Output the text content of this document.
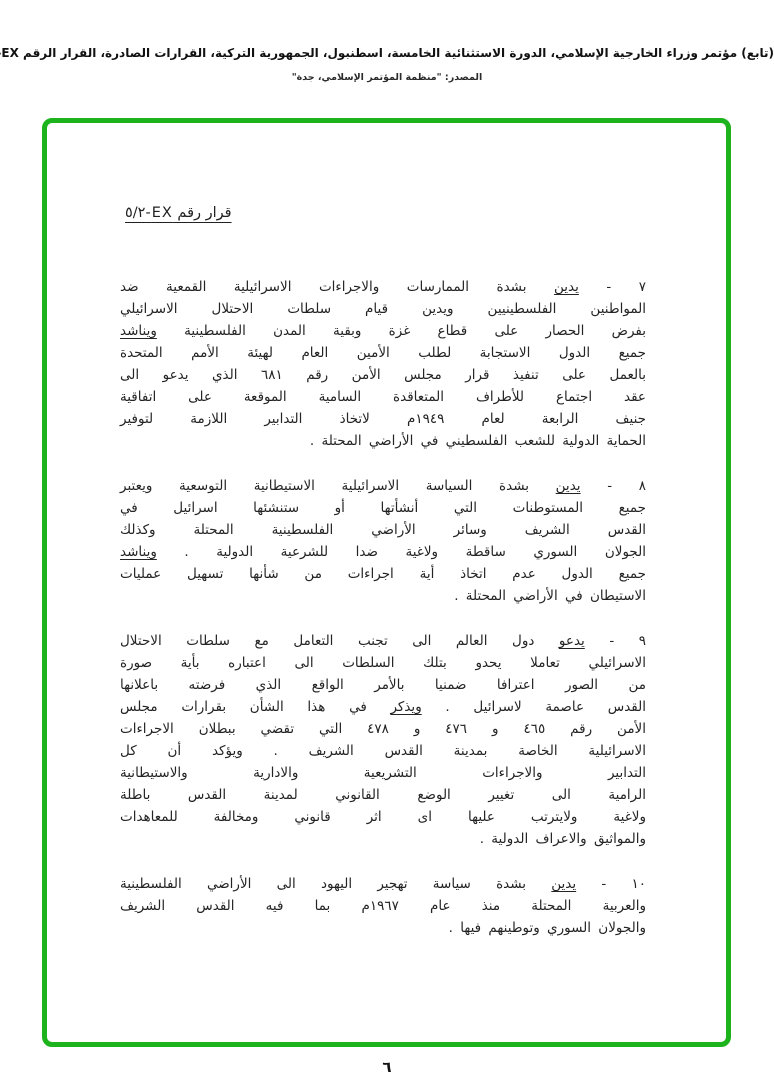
(تابع) مؤتمر وزراء الخارجية الإسلامي، الدورة الاستثنائية الخامسة، اسطنبول، الجمهورية التركية، القرارات الصادرة، القرار الرقم EX
المصدر: "منظمة المؤتمر الإسلامي، جدة"
قرار رقم EX-٥/٢
٧ - يدين بشدة الممارسات والاجراءات الاسرائيلية القمعية ضد
المواطنين الفلسطينيين ويدين قيام سلطات الاحتلال الاسرائيلي
بفرض الحصار على قطاع غزة وبقية المدن الفلسطينية ويناشد
جميع الدول الاستجابة لطلب الأمين العام لهيئة الأمم المتحدة
بالعمل على تنفيذ قرار مجلس الأمن رقم ٦٨١ الذي يدعو الى
عقد اجتماع للأطراف المتعاقدة السامية الموقعة على اتفاقية
جنيف الرابعة لعام ١٩٤٩م لاتخاذ التدابير اللازمة لتوفير
الحماية الدولية للشعب الفلسطيني في الأراضي المحتلة .
٨ - يدين بشدة السياسة الاسرائيلية الاستيطانية التوسعية ويعتبر
جميع المستوطنات التي أنشأتها أو ستنشئها اسرائيل في
القدس الشريف وسائر الأراضي الفلسطينية المحتلة وكذلك
الجولان السوري ساقطة ولاغية ضدا للشرعية الدولية . ويناشد
جميع الدول عدم اتخاذ أية اجراءات من شأنها تسهيل عمليات
الاستيطان في الأراضي المحتلة .
٩ - يدعو دول العالم الى تجنب التعامل مع سلطات الاحتلال
الاسرائيلي تعاملا يحدو بتلك السلطات الى اعتباره بأية صورة
من الصور اعترافا ضمنيا بالأمر الواقع الذي فرضته باعلانها
القدس عاصمة لاسرائيل . ويذكر في هذا الشأن بقرارات مجلس
الأمن رقم ٤٦٥ و ٤٧٦ و ٤٧٨ التي تقضي ببطلان الاجراءات
الاسرائيلية الخاصة بمدينة القدس الشريف . ويؤكد أن كل
التدابير والاجراءات التشريعية والادارية والاستيطانية
الرامية الى تغيير الوضع القانوني لمدينة القدس باطلة
ولاغية ولايترتب عليها اى اثر قانوني ومخالفة للمعاهدات
والمواثيق والاعراف الدولية .
١٠ - يدين بشدة سياسة تهجير اليهود الى الأراضي الفلسطينية
والعربية المحتلة منذ عام ١٩٦٧م بما فيه القدس الشريف
والجولان السوري وتوطينهم فيها .
٦
